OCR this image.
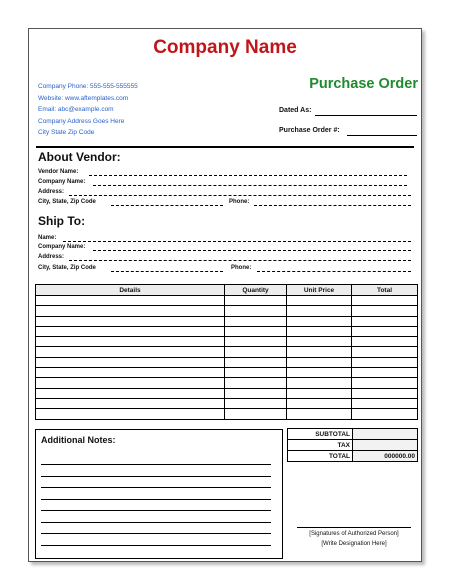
Company Name
Company Phone: 555-555-555555
Website: www.aftemplates.com
Email: abc@example.com
Company Address Goes Here
City State Zip Code
Purchase Order
Dated As:
Purchase Order #:
About Vendor:
Vendor Name:
Company Name:
Address:
City, State, Zip Code	Phone:
Ship To:
Name:
Company Name:
Address:
City, State, Zip Code	Phone:
Details	Quantity	Unit Price	Total

Additional Notes:
SUBTOTAL	
TAX	
TOTAL	000000.00
[Signatures of Authorized Person]
[Write Designation Here]
